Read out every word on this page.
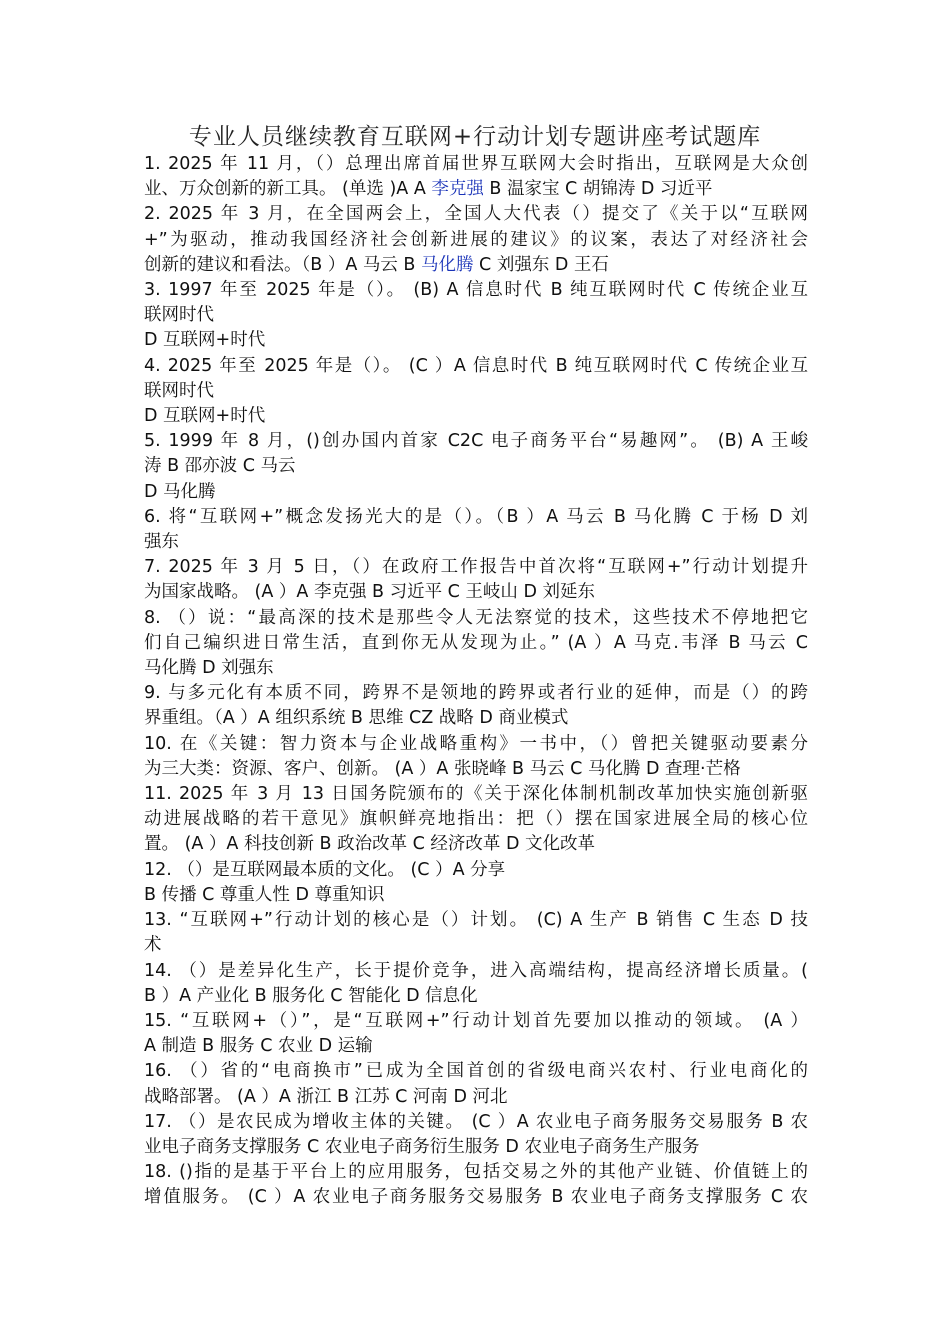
专业人员继续教育互联网+行动计划专题讲座考试题库
1. 2025 年 11 月，（）总理出席首届世界互联网大会时指出，互联网是大众创
业、万众创新的新工具。 (单选 )A A 李克强 B 温家宝 C 胡锦涛 D 习近平
2. 2025 年 3 月，在全国两会上，全国人大代表（）提交了《关于以“互联网
+”为驱动，推动我国经济社会创新进展的建议》的议案，表达了对经济社会
创新的建议和看法。（B ）A 马云 B 马化腾 C 刘强东 D 王石
3. 1997 年至 2025 年是（）。 (B) A 信息时代 B 纯互联网时代 C 传统企业互
联网时代
D 互联网+时代
4. 2025 年至 2025 年是（）。 (C ）A 信息时代 B 纯互联网时代 C 传统企业互
联网时代
D 互联网+时代
5. 1999 年 8 月，()创办国内首家 C2C 电子商务平台“易趣网”。 (B) A 王峻
涛 B 邵亦波 C 马云
D 马化腾
6. 将“互联网+”概念发扬光大的是（）。（B ）A 马云 B 马化腾 C 于杨 D 刘
强东
7. 2025 年 3 月 5 日，（）在政府工作报告中首次将“互联网+”行动计划提升
为国家战略。 (A ）A 李克强 B 习近平 C 王岐山 D 刘延东
8. （）说：“最高深的技术是那些令人无法察觉的技术，这些技术不停地把它
们自己编织进日常生活，直到你无从发现为止。” (A ）A 马克.韦泽 B 马云 C
马化腾 D 刘强东
9. 与多元化有本质不同，跨界不是领地的跨界或者行业的延伸，而是（）的跨
界重组。（A ）A 组织系统 B 思维 CZ 战略 D 商业模式
10. 在《关键：智力资本与企业战略重构》一书中，（）曾把关键驱动要素分
为三大类：资源、客户、创新。 (A ）A 张晓峰 B 马云 C 马化腾 D 查理·芒格
11. 2025 年 3 月 13 日国务院颁布的《关于深化体制机制改革加快实施创新驱
动进展战略的若干意见》旗帜鲜亮地指出：把（）摆在国家进展全局的核心位
置。 (A ）A 科技创新 B 政治改革 C 经济改革 D 文化改革
12. （）是互联网最本质的文化。 (C ）A 分享
B 传播 C 尊重人性 D 尊重知识
13. “互联网+”行动计划的核心是（）计划。 (C) A 生产 B 销售 C 生态 D 技
术
14. （）是差异化生产，长于提价竞争，进入高端结构，提高经济增长质量。(
B ）A 产业化 B 服务化 C 智能化 D 信息化
15. “互联网+（）”，是“互联网+”行动计划首先要加以推动的领域。 (A ）
A 制造 B 服务 C 农业 D 运输
16. （）省的“电商换市”已成为全国首创的省级电商兴农村、行业电商化的
战略部署。 (A ）A 浙江 B 江苏 C 河南 D 河北
17. （）是农民成为增收主体的关键。 (C ）A 农业电子商务服务交易服务 B 农
业电子商务支撑服务 C 农业电子商务衍生服务 D 农业电子商务生产服务
18. ()指的是基于平台上的应用服务，包括交易之外的其他产业链、价值链上的
增值服务。 (C ）A 农业电子商务服务交易服务 B 农业电子商务支撑服务 C 农
